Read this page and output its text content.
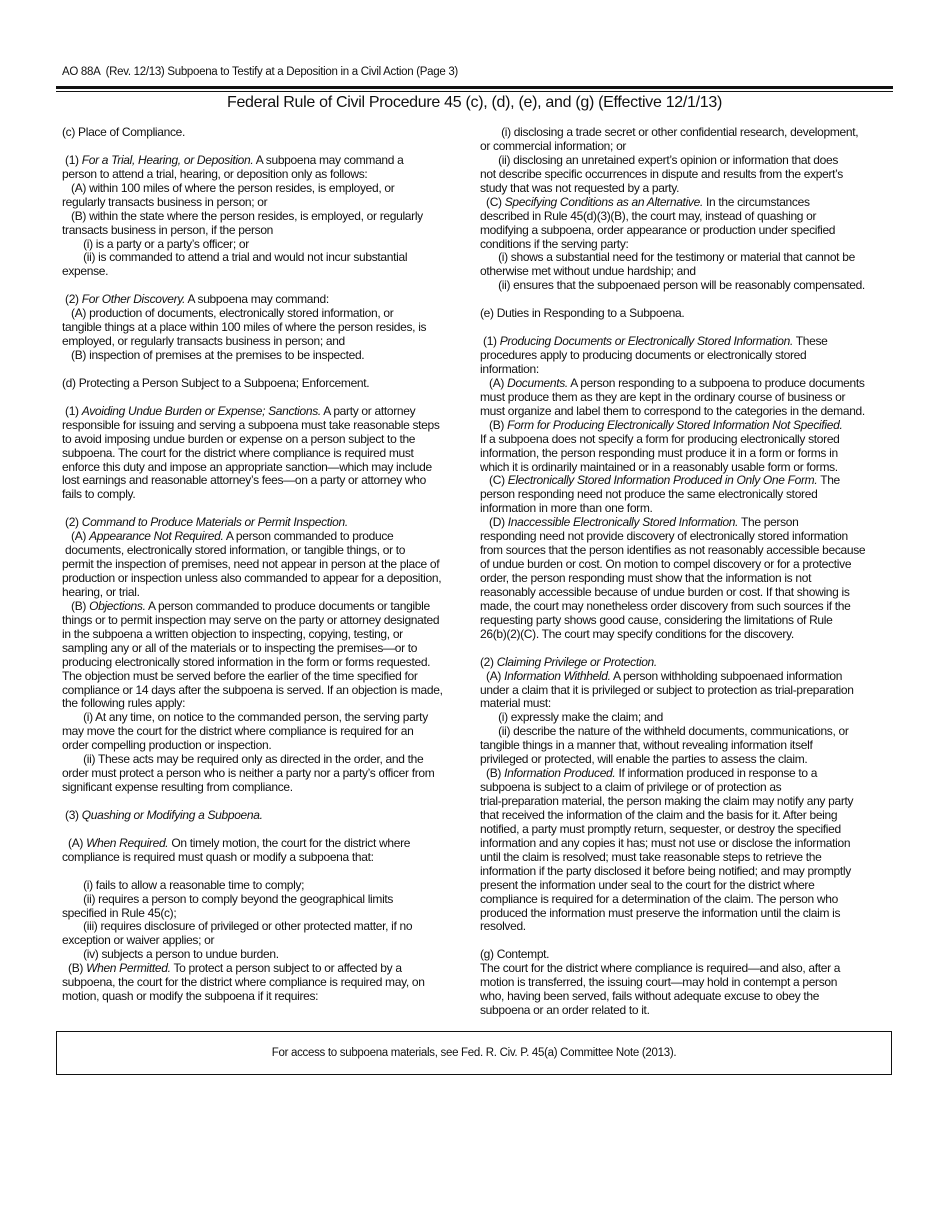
AO 88A  (Rev. 12/13) Subpoena to Testify at a Deposition in a Civil Action (Page 3)
Federal Rule of Civil Procedure 45 (c), (d), (e), and (g) (Effective 12/1/13)
(c) Place of Compliance.
(1) For a Trial, Hearing, or Deposition. A subpoena may command a
person to attend a trial, hearing, or deposition only as follows:
(A) within 100 miles of where the person resides, is employed, or
regularly transacts business in person; or
(B) within the state where the person resides, is employed, or regularly
transacts business in person, if the person
(i) is a party or a party’s officer; or
(ii) is commanded to attend a trial and would not incur substantial
expense.
(2) For Other Discovery. A subpoena may command:
(A) production of documents, electronically stored information, or
tangible things at a place within 100 miles of where the person resides, is
employed, or regularly transacts business in person; and
(B) inspection of premises at the premises to be inspected.
(d) Protecting a Person Subject to a Subpoena; Enforcement.
(1) Avoiding Undue Burden or Expense; Sanctions. A party or attorney
responsible for issuing and serving a subpoena must take reasonable steps
to avoid imposing undue burden or expense on a person subject to the
subpoena. The court for the district where compliance is required must
enforce this duty and impose an appropriate sanction—which may include
lost earnings and reasonable attorney’s fees—on a party or attorney who
fails to comply.
(2) Command to Produce Materials or Permit Inspection.
(A) Appearance Not Required. A person commanded to produce
documents, electronically stored information, or tangible things, or to
permit the inspection of premises, need not appear in person at the place of
production or inspection unless also commanded to appear for a deposition,
hearing, or trial.
(B) Objections. A person commanded to produce documents or tangible
things or to permit inspection may serve on the party or attorney designated
in the subpoena a written objection to inspecting, copying, testing, or
sampling any or all of the materials or to inspecting the premises—or to
producing electronically stored information in the form or forms requested.
The objection must be served before the earlier of the time specified for
compliance or 14 days after the subpoena is served. If an objection is made,
the following rules apply:
(i) At any time, on notice to the commanded person, the serving party
may move the court for the district where compliance is required for an
order compelling production or inspection.
(ii) These acts may be required only as directed in the order, and the
order must protect a person who is neither a party nor a party’s officer from
significant expense resulting from compliance.
(3) Quashing or Modifying a Subpoena.
(A) When Required. On timely motion, the court for the district where
compliance is required must quash or modify a subpoena that:
(i) fails to allow a reasonable time to comply;
(ii) requires a person to comply beyond the geographical limits
specified in Rule 45(c);
(iii) requires disclosure of privileged or other protected matter, if no
exception or waiver applies; or
(iv) subjects a person to undue burden.
(B) When Permitted. To protect a person subject to or affected by a
subpoena, the court for the district where compliance is required may, on
motion, quash or modify the subpoena if it requires:
(i) disclosing a trade secret or other confidential research, development,
or commercial information; or
(ii) disclosing an unretained expert’s opinion or information that does
not describe specific occurrences in dispute and results from the expert’s
study that was not requested by a party.
(C) Specifying Conditions as an Alternative. In the circumstances
described in Rule 45(d)(3)(B), the court may, instead of quashing or
modifying a subpoena, order appearance or production under specified
conditions if the serving party:
(i) shows a substantial need for the testimony or material that cannot be
otherwise met without undue hardship; and
(ii) ensures that the subpoenaed person will be reasonably compensated.
(e) Duties in Responding to a Subpoena.
(1) Producing Documents or Electronically Stored Information. These
procedures apply to producing documents or electronically stored
information:
(A) Documents. A person responding to a subpoena to produce documents
must produce them as they are kept in the ordinary course of business or
must organize and label them to correspond to the categories in the demand.
(B) Form for Producing Electronically Stored Information Not Specified.
If a subpoena does not specify a form for producing electronically stored
information, the person responding must produce it in a form or forms in
which it is ordinarily maintained or in a reasonably usable form or forms.
(C) Electronically Stored Information Produced in Only One Form. The
person responding need not produce the same electronically stored
information in more than one form.
(D) Inaccessible Electronically Stored Information. The person
responding need not provide discovery of electronically stored information
from sources that the person identifies as not reasonably accessible because
of undue burden or cost. On motion to compel discovery or for a protective
order, the person responding must show that the information is not
reasonably accessible because of undue burden or cost. If that showing is
made, the court may nonetheless order discovery from such sources if the
requesting party shows good cause, considering the limitations of Rule
26(b)(2)(C). The court may specify conditions for the discovery.
(2) Claiming Privilege or Protection.
(A) Information Withheld. A person withholding subpoenaed information
under a claim that it is privileged or subject to protection as trial-preparation
material must:
(i) expressly make the claim; and
(ii) describe the nature of the withheld documents, communications, or
tangible things in a manner that, without revealing information itself
privileged or protected, will enable the parties to assess the claim.
(B) Information Produced. If information produced in response to a
subpoena is subject to a claim of privilege or of protection as
trial-preparation material, the person making the claim may notify any party
that received the information of the claim and the basis for it. After being
notified, a party must promptly return, sequester, or destroy the specified
information and any copies it has; must not use or disclose the information
until the claim is resolved; must take reasonable steps to retrieve the
information if the party disclosed it before being notified; and may promptly
present the information under seal to the court for the district where
compliance is required for a determination of the claim. The person who
produced the information must preserve the information until the claim is
resolved.
(g) Contempt.
The court for the district where compliance is required—and also, after a
motion is transferred, the issuing court—may hold in contempt a person
who, having been served, fails without adequate excuse to obey the
subpoena or an order related to it.
For access to subpoena materials, see Fed. R. Civ. P. 45(a) Committee Note (2013).
